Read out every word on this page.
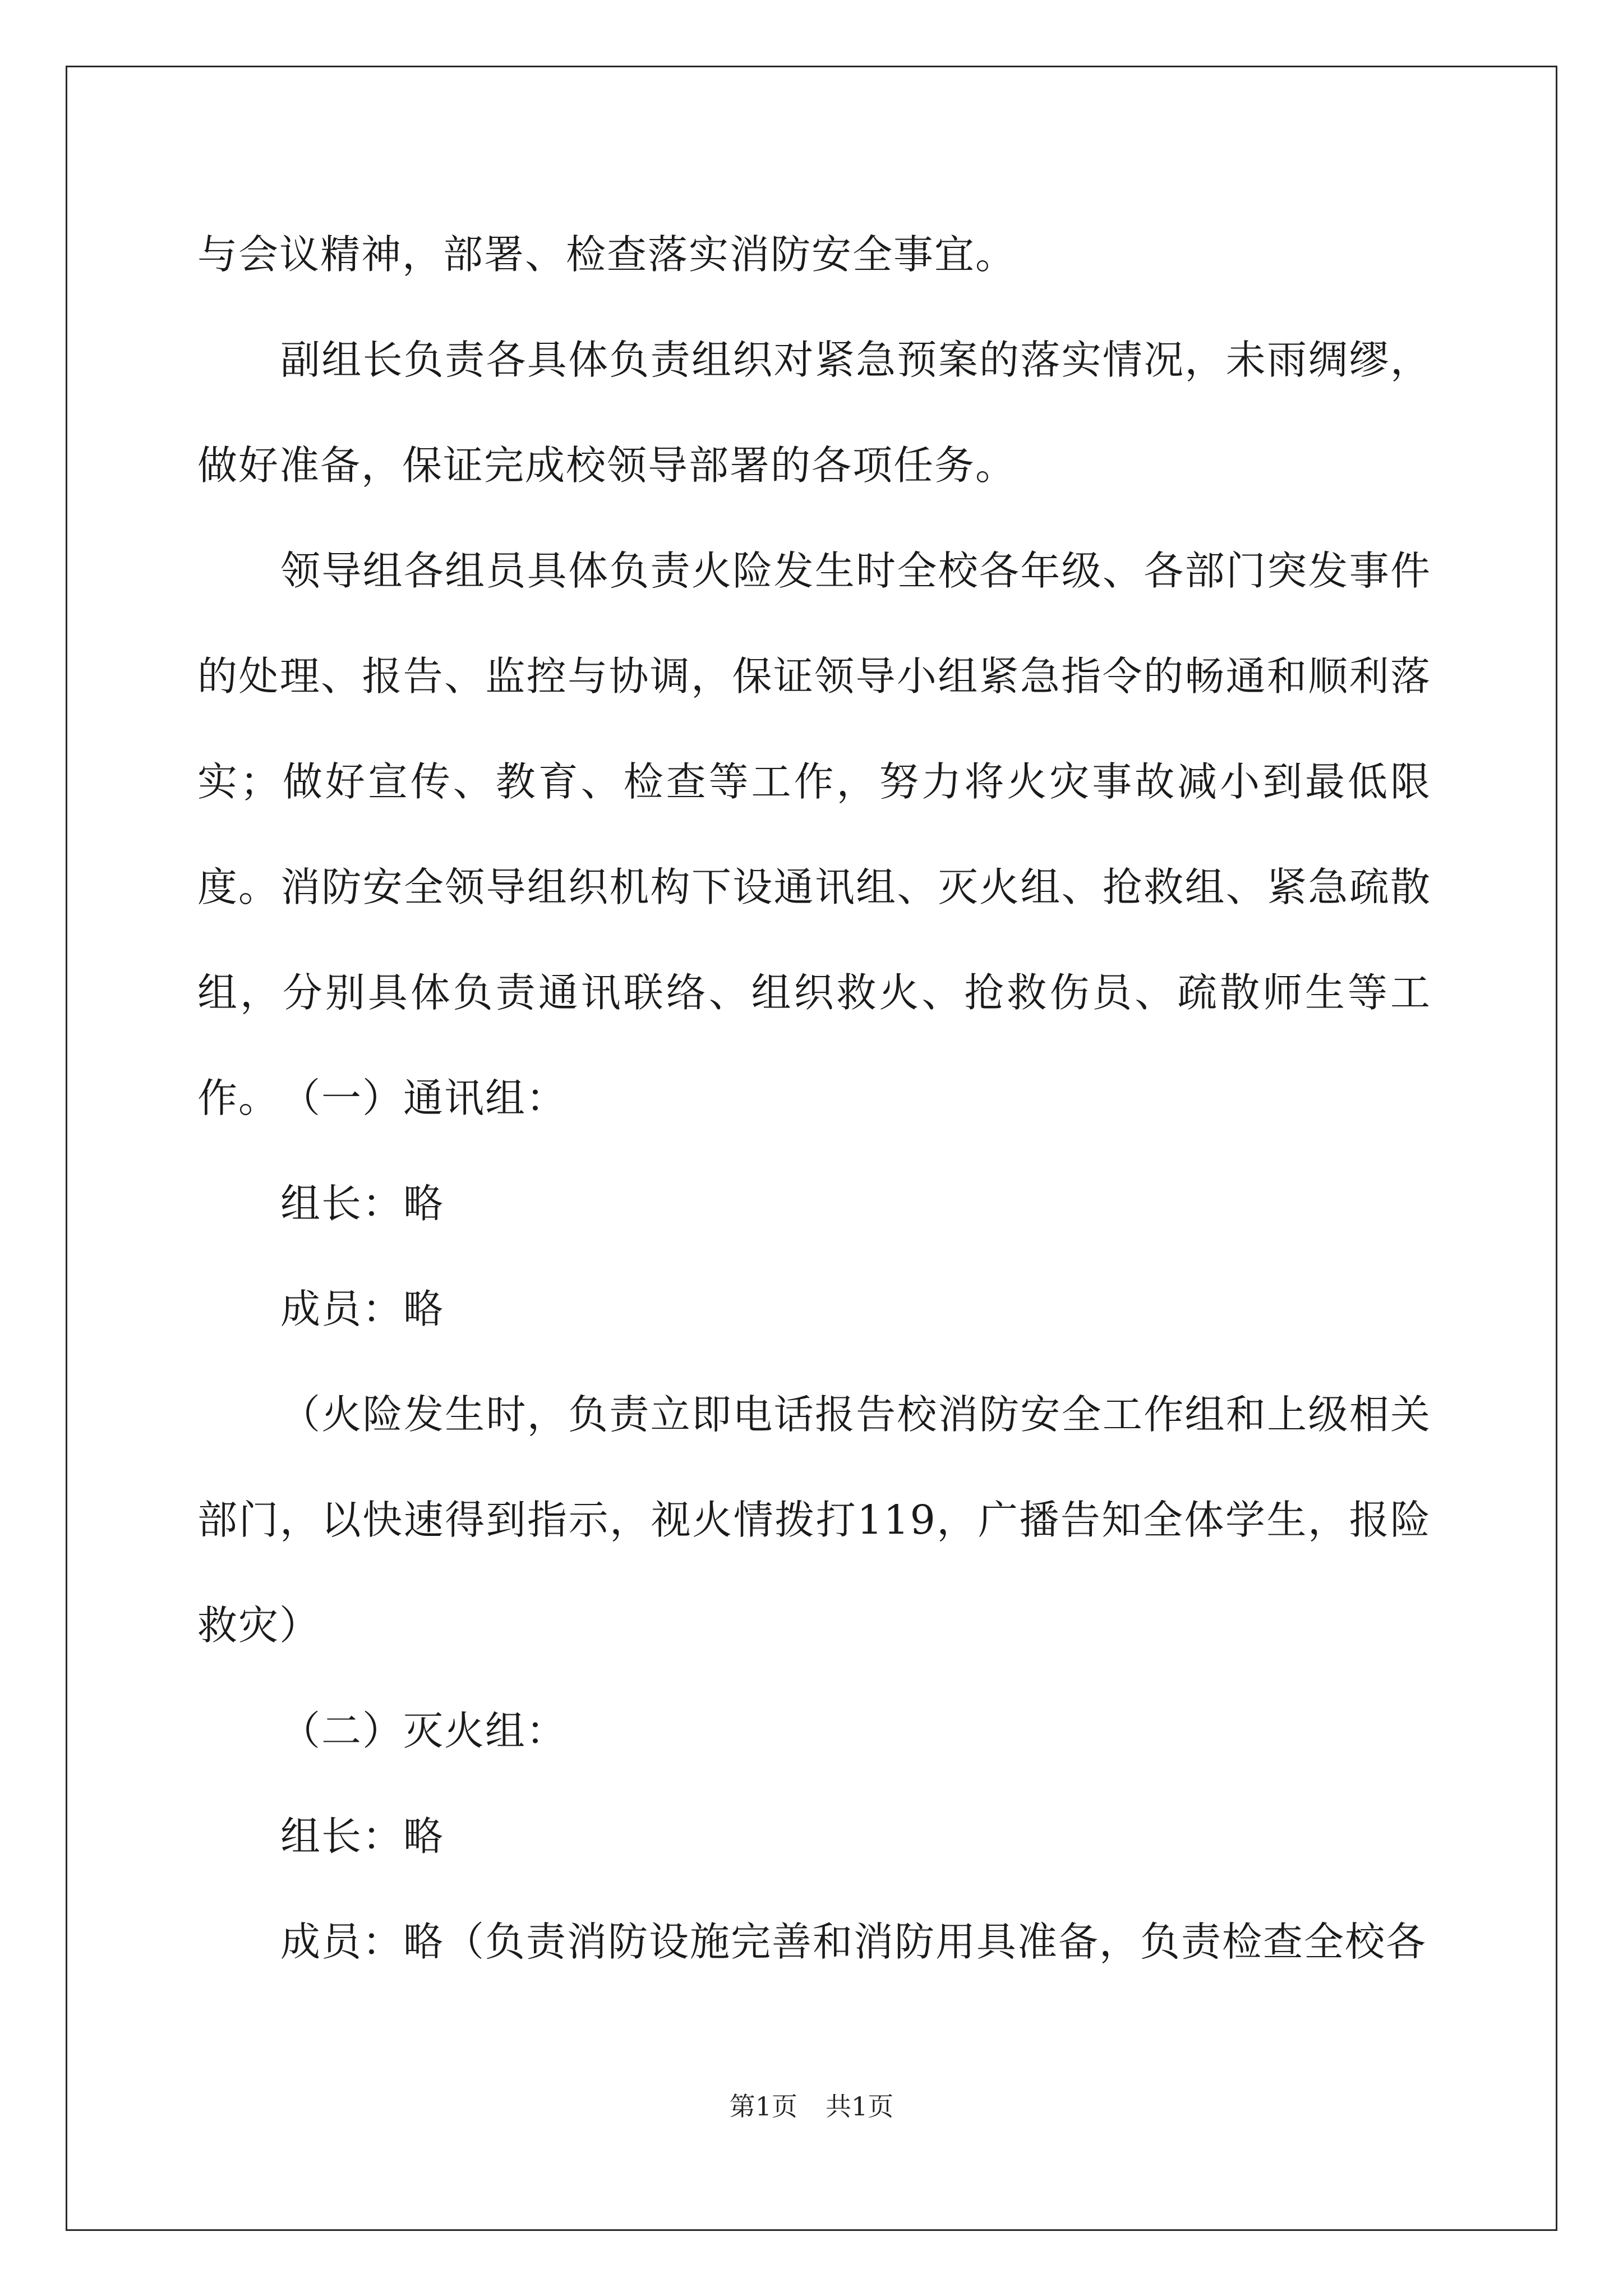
与会议精神，部署、检查落实消防安全事宜。

副组长负责各具体负责组织对紧急预案的落实情况，未雨绸缪，做好准备，保证完成校领导部署的各项任务。

领导组各组员具体负责火险发生时全校各年级、各部门突发事件的处理、报告、监控与协调，保证领导小组紧急指令的畅通和顺利落实；做好宣传、教育、检查等工作，努力将火灾事故减小到最低限度。 消防安全领导组织机构下设通讯组、灭火组、抢救组、紧急疏散组，分别具体负责通讯联络、组织救火、抢救伤员、疏散师生等工作。 （一）通讯组：

组长：略

成员：略

（火险发生时，负责立即电话报告校消防安全工作组和上级相关部门，以快速得到指示，视火情拨打119，广播告知全体学生，报险救灾）

（二）灭火组：

组长：略

成员：略（负责消防设施完善和消防用具准备，负责检查全校各

第1页 共1页
